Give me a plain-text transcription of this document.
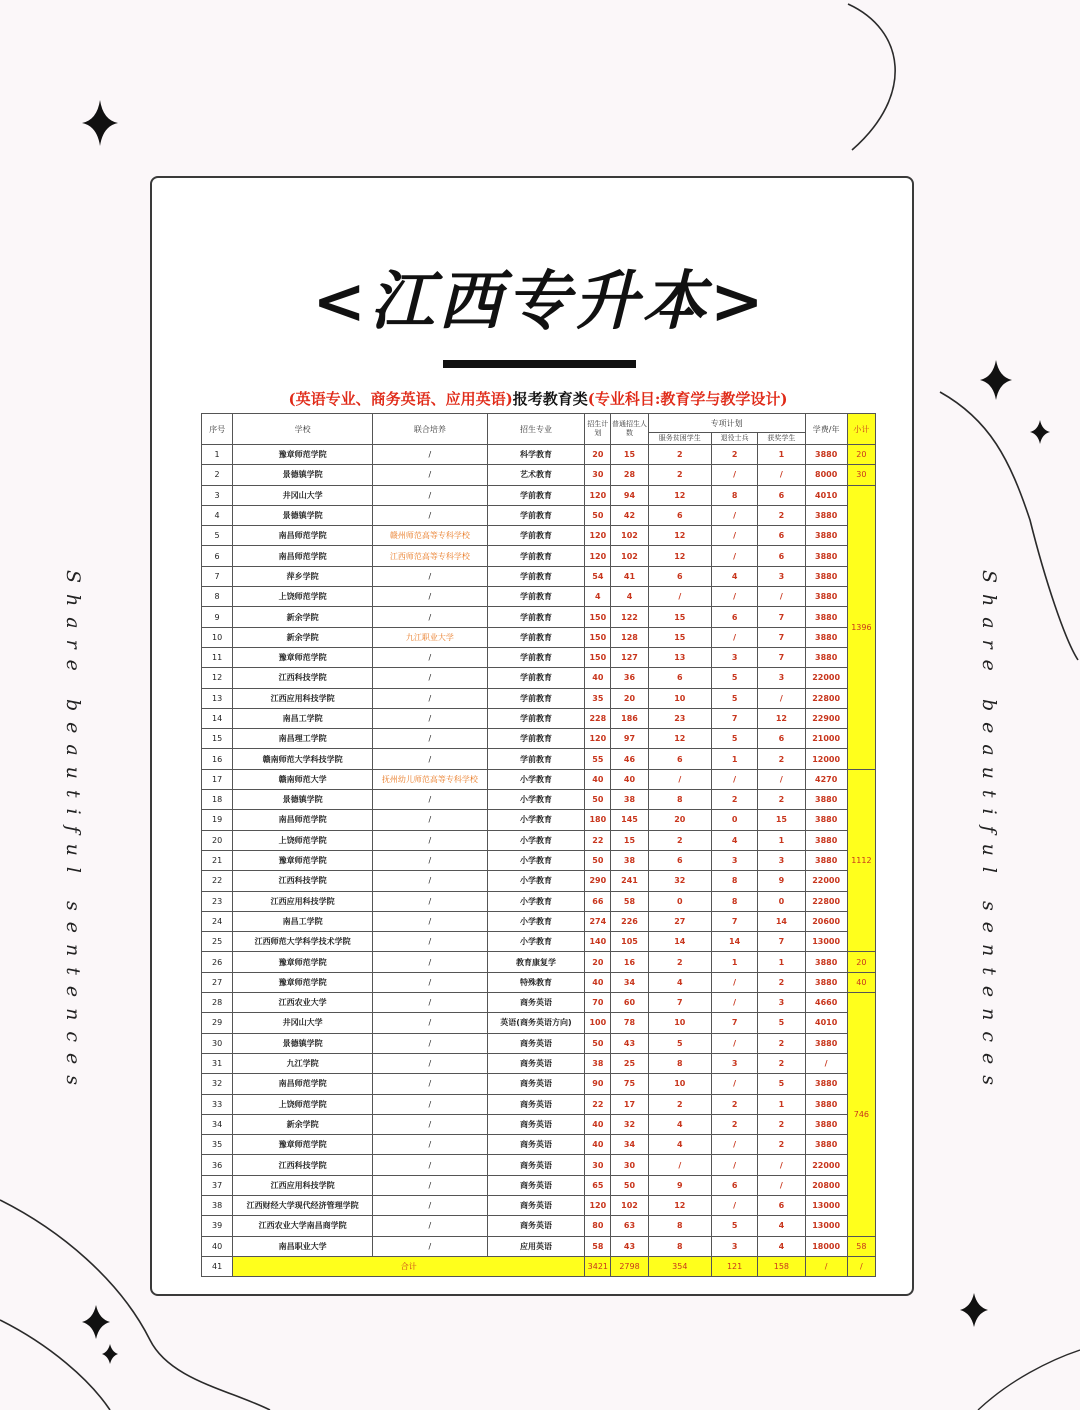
Share beautiful sentences	Share beautiful sentences
<江西专升本>
(英语专业、商务英语、应用英语)报考教育类(专业科目:教育学与教学设计)
序号	学校	联合培养	招生专业	招生计划	普通招生人数	专项计划			学费/年	小计
						服务贫困学生	退役士兵	获奖学生		
1	豫章师范学院	/	科学教育	20	15	2	2	1	3880	20
2	景德镇学院	/	艺术教育	30	28	2	/	/	8000	30
3	井冈山大学	/	学前教育	120	94	12	8	6	4010	1396
4	景德镇学院	/	学前教育	50	42	6	/	2	3880	
5	南昌师范学院	赣州师范高等专科学校	学前教育	120	102	12	/	6	3880	
6	南昌师范学院	江西师范高等专科学校	学前教育	120	102	12	/	6	3880	
7	萍乡学院	/	学前教育	54	41	6	4	3	3880	
8	上饶师范学院	/	学前教育	4	4	/	/	/	3880	
9	新余学院	/	学前教育	150	122	15	6	7	3880	
10	新余学院	九江职业大学	学前教育	150	128	15	/	7	3880	
11	豫章师范学院	/	学前教育	150	127	13	3	7	3880	
12	江西科技学院	/	学前教育	40	36	6	5	3	22000	
13	江西应用科技学院	/	学前教育	35	20	10	5	/	22800	
14	南昌工学院	/	学前教育	228	186	23	7	12	22900	
15	南昌理工学院	/	学前教育	120	97	12	5	6	21000	
16	赣南师范大学科技学院	/	学前教育	55	46	6	1	2	12000	
17	赣南师范大学	抚州幼儿师范高等专科学校	小学教育	40	40	/	/	/	4270	1112
18	景德镇学院	/	小学教育	50	38	8	2	2	3880	
19	南昌师范学院	/	小学教育	180	145	20	0	15	3880	
20	上饶师范学院	/	小学教育	22	15	2	4	1	3880	
21	豫章师范学院	/	小学教育	50	38	6	3	3	3880	
22	江西科技学院	/	小学教育	290	241	32	8	9	22000	
23	江西应用科技学院	/	小学教育	66	58	0	8	0	22800	
24	南昌工学院	/	小学教育	274	226	27	7	14	20600	
25	江西师范大学科学技术学院	/	小学教育	140	105	14	14	7	13000	
26	豫章师范学院	/	教育康复学	20	16	2	1	1	3880	20
27	豫章师范学院	/	特殊教育	40	34	4	/	2	3880	40
28	江西农业大学	/	商务英语	70	60	7	/	3	4660	746
29	井冈山大学	/	英语(商务英语方向)	100	78	10	7	5	4010	
30	景德镇学院	/	商务英语	50	43	5	/	2	3880	
31	九江学院	/	商务英语	38	25	8	3	2	/	
32	南昌师范学院	/	商务英语	90	75	10	/	5	3880	
33	上饶师范学院	/	商务英语	22	17	2	2	1	3880	
34	新余学院	/	商务英语	40	32	4	2	2	3880	
35	豫章师范学院	/	商务英语	40	34	4	/	2	3880	
36	江西科技学院	/	商务英语	30	30	/	/	/	22000	
37	江西应用科技学院	/	商务英语	65	50	9	6	/	20800	
38	江西财经大学现代经济管理学院	/	商务英语	120	102	12	/	6	13000	
39	江西农业大学南昌商学院	/	商务英语	80	63	8	5	4	13000	
40	南昌职业大学	/	应用英语	58	43	8	3	4	18000	58
41	合计			3421	2798	354	121	158	/	/
